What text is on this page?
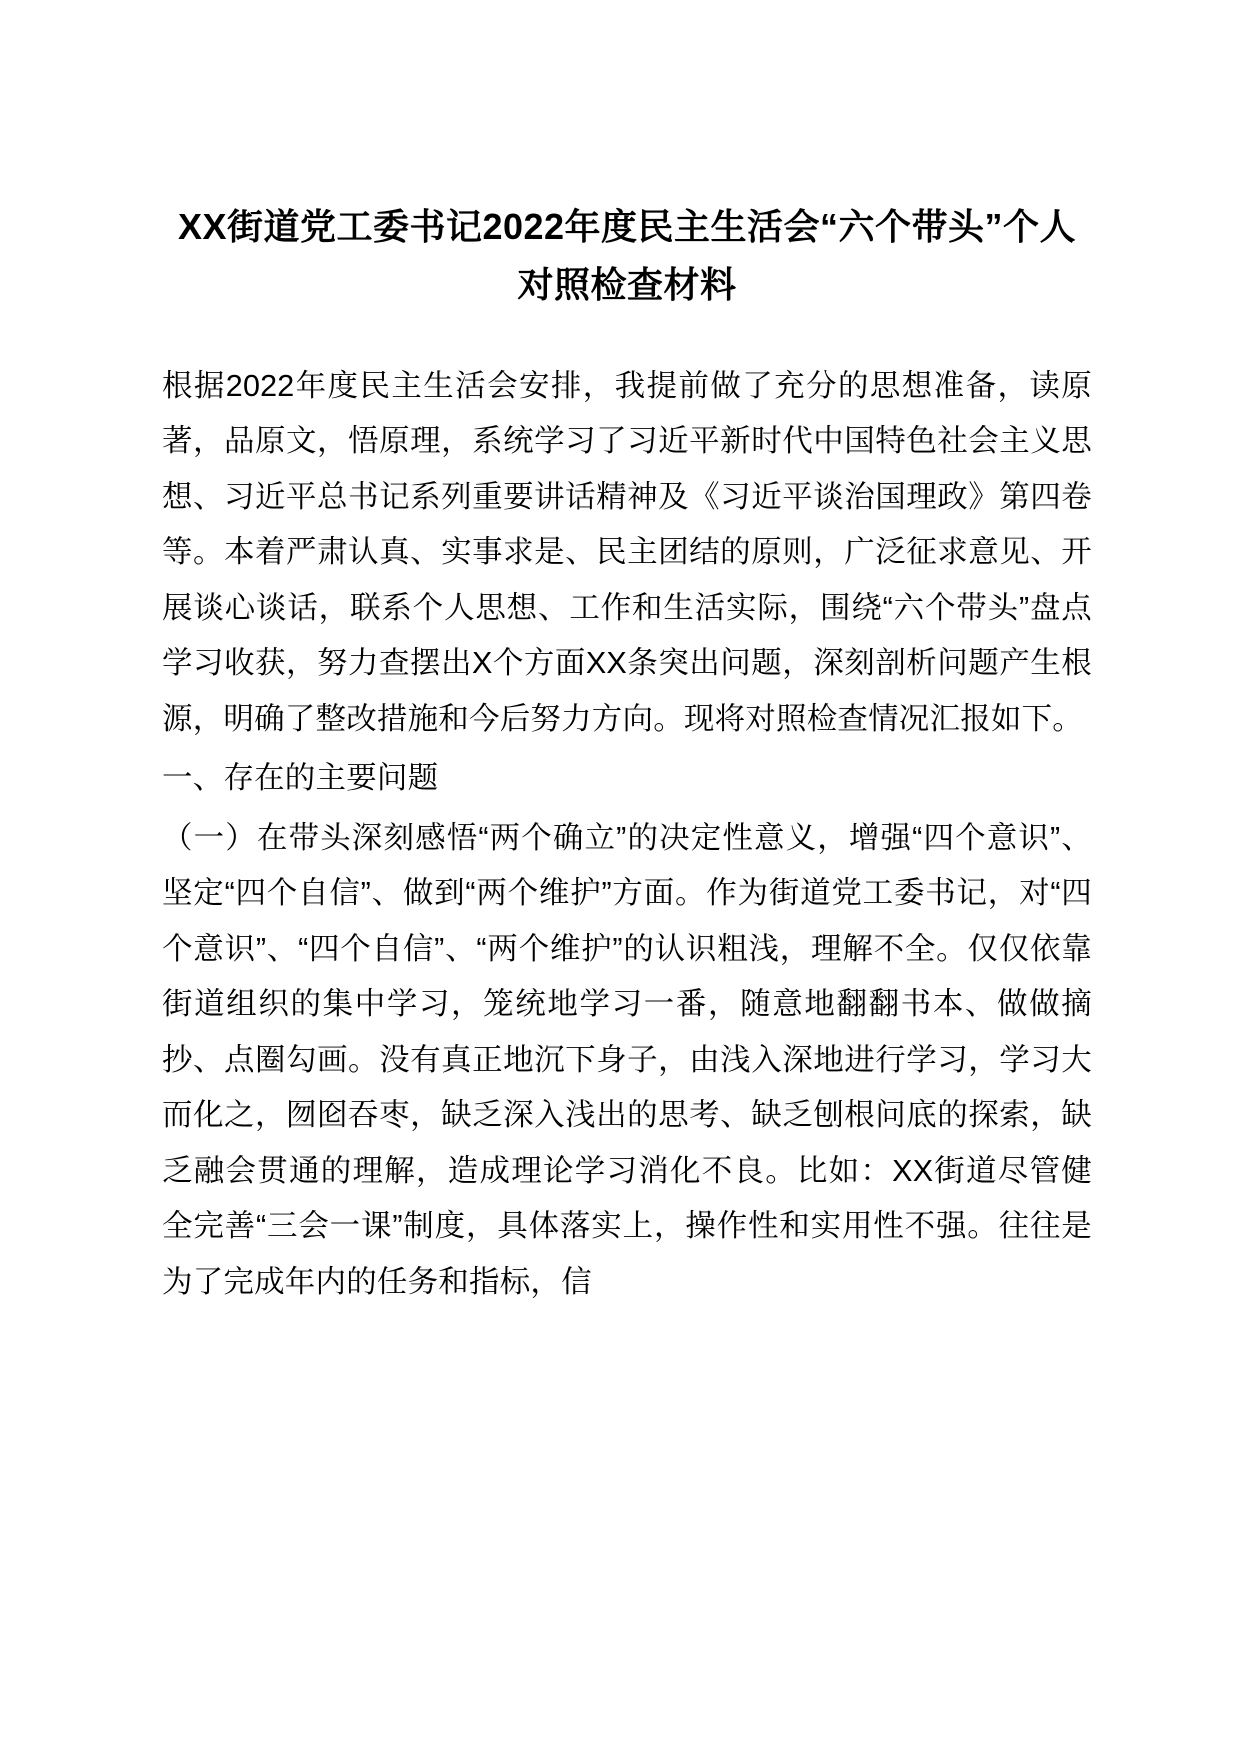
XX街道党工委书记2022年度民主生活会“六个带头”个人
对照检查材料

根据2022年度民主生活会安排，我提前做了充分的思想准备，读原著，品原文，悟原理，系统学习了习近平新时代中国特色社会主义思想、习近平总书记系列重要讲话精神及《习近平谈治国理政》第四卷等。本着严肃认真、实事求是、民主团结的原则，广泛征求意见、开展谈心谈话，联系个人思想、工作和生活实际，围绕“六个带头”盘点学习收获，努力查摆出X个方面XX条突出问题，深刻剖析问题产生根源，明确了整改措施和今后努力方向。现将对照检查情况汇报如下。

一、存在的主要问题

（一）在带头深刻感悟“两个确立”的决定性意义，增强“四个意识”、坚定“四个自信”、做到“两个维护”方面。作为街道党工委书记，对“四个意识”、“四个自信”、“两个维护”的认识粗浅，理解不全。仅仅依靠街道组织的集中学习，笼统地学习一番，随意地翻翻书本、做做摘抄、点圈勾画。没有真正地沉下身子，由浅入深地进行学习，学习大而化之，囫囵吞枣，缺乏深入浅出的思考、缺乏刨根问底的探索，缺乏融会贯通的理解，造成理论学习消化不良。比如：XX街道尽管健全完善“三会一课”制度，具体落实上，操作性和实用性不强。往往是为了完成年内的任务和指标，信
